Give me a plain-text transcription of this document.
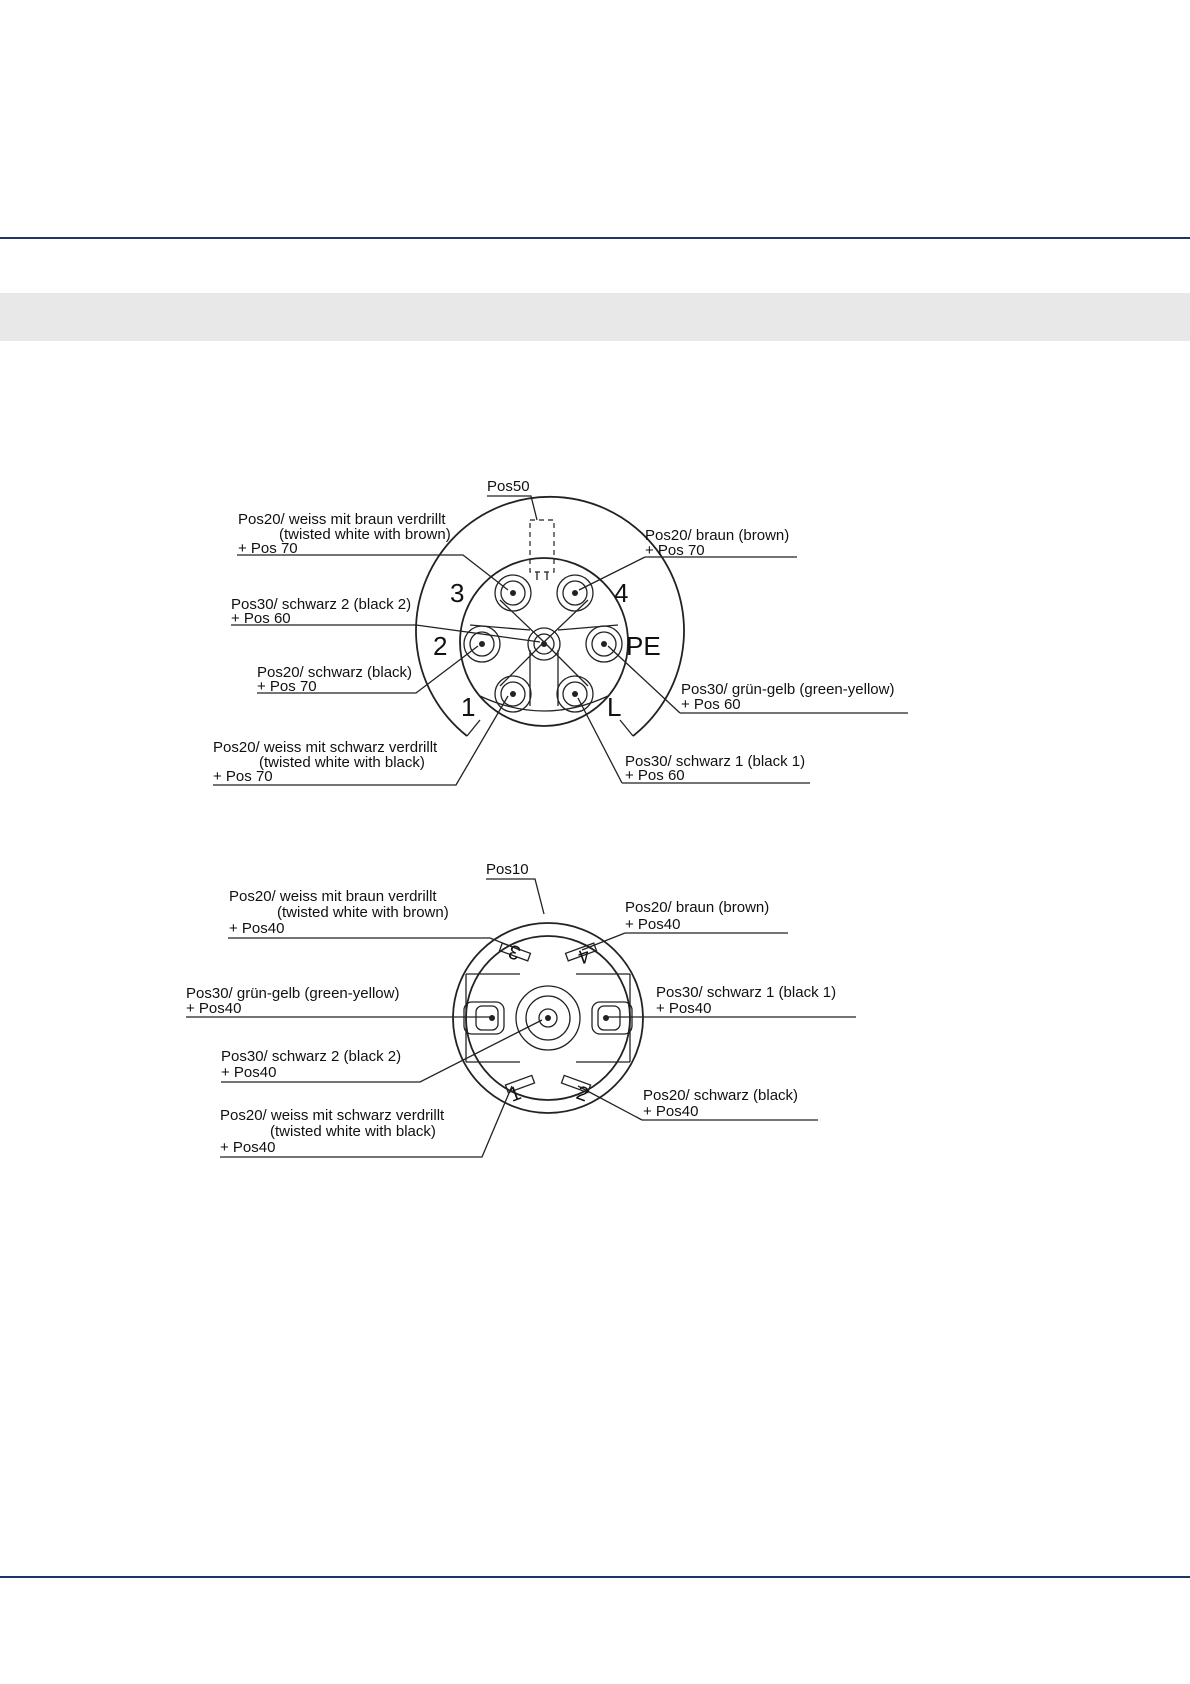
3	4
2	PE
1	L
Pos50
Pos20/ weiss mit braun verdrillt
(twisted white with brown)
+ Pos 70
Pos30/ schwarz 2 (black 2)
+ Pos 60
Pos20/ schwarz (black)
+ Pos 70
Pos20/ weiss mit schwarz verdrillt
(twisted white with black)
+ Pos 70
Pos20/ braun (brown)
+ Pos 70
Pos30/ grün-gelb (green-yellow)
+ Pos 60
Pos30/ schwarz 1 (black 1)
+ Pos 60
3	4
1 2
Pos10
Pos20/ weiss mit braun verdrillt
(twisted white with brown)
+ Pos40
Pos30/ grün-gelb (green-yellow)
+ Pos40
Pos30/ schwarz 2 (black 2)
+ Pos40
Pos20/ weiss mit schwarz verdrillt
(twisted white with black)
+ Pos40
Pos20/ braun (brown)
+ Pos40
Pos30/ schwarz 1 (black 1)
+ Pos40
Pos20/ schwarz (black)
+ Pos40
